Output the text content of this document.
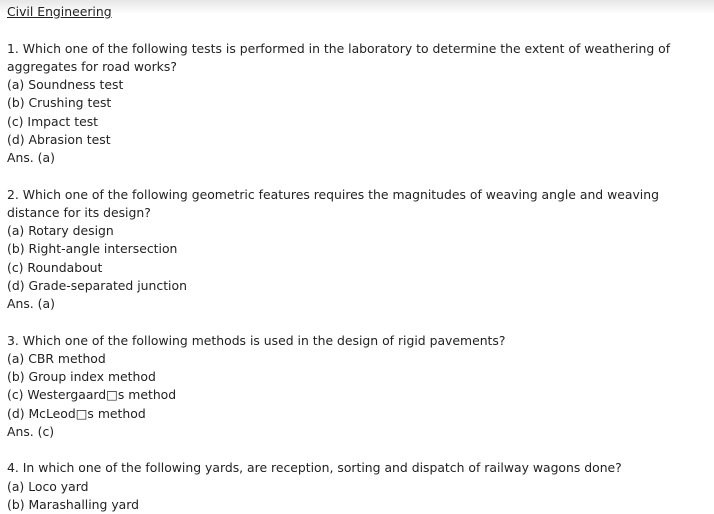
Civil Engineering
1. Which one of the following tests is performed in the laboratory to determine the extent of weathering of aggregates for road works?
(a) Soundness test
(b) Crushing test
(c) Impact test
(d) Abrasion test
Ans. (a)
2. Which one of the following geometric features requires the magnitudes of weaving angle and weaving distance for its design?
(a) Rotary design
(b) Right-angle intersection
(c) Roundabout
(d) Grade-separated junction
Ans. (a)
3. Which one of the following methods is used in the design of rigid pavements?
(a) CBR method
(b) Group index method
(c) Westergaard□s method
(d) McLeod□s method
Ans. (c)
4. In which one of the following yards, are reception, sorting and dispatch of railway wagons done?
(a) Loco yard
(b) Marashalling yard
